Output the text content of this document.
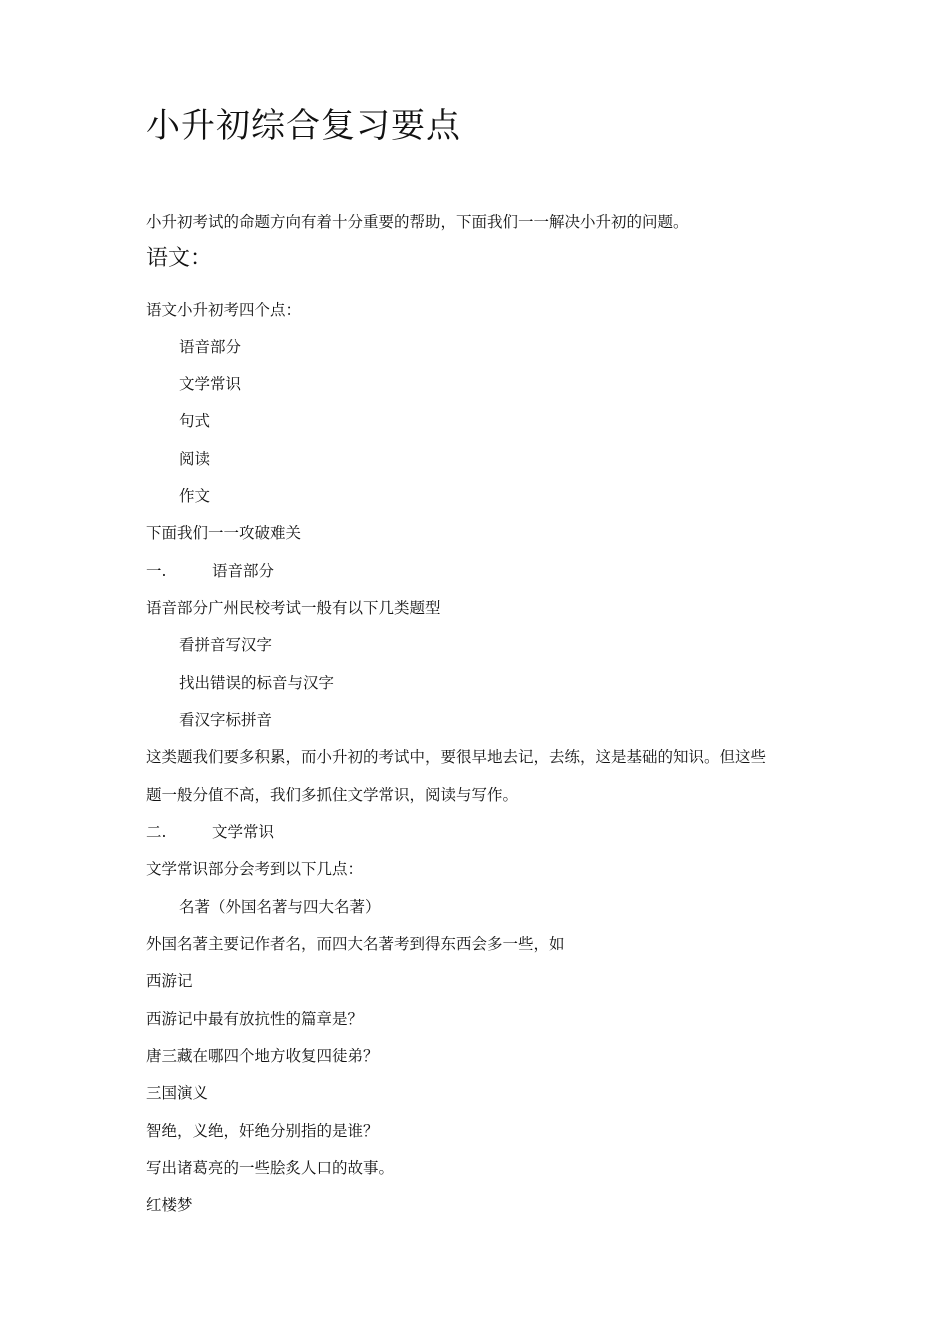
小升初综合复习要点
小升初考试的命题方向有着十分重要的帮助，下面我们一一解决小升初的问题。
语文：
语文小升初考四个点：
语音部分
文学常识
句式
阅读
作文
下面我们一一攻破难关
一.	语音部分
语音部分广州民校考试一般有以下几类题型
看拼音写汉字
找出错误的标音与汉字
看汉字标拼音
这类题我们要多积累，而小升初的考试中，要很早地去记，去练，这是基础的知识。但这些
题一般分值不高，我们多抓住文学常识，阅读与写作。
二.	文学常识
文学常识部分会考到以下几点：
名著（外国名著与四大名著）
外国名著主要记作者名，而四大名著考到得东西会多一些，如
西游记
西游记中最有放抗性的篇章是？
唐三藏在哪四个地方收复四徒弟？
三国演义
智绝，义绝，奸绝分别指的是谁？
写出诸葛亮的一些脍炙人口的故事。
红楼梦
